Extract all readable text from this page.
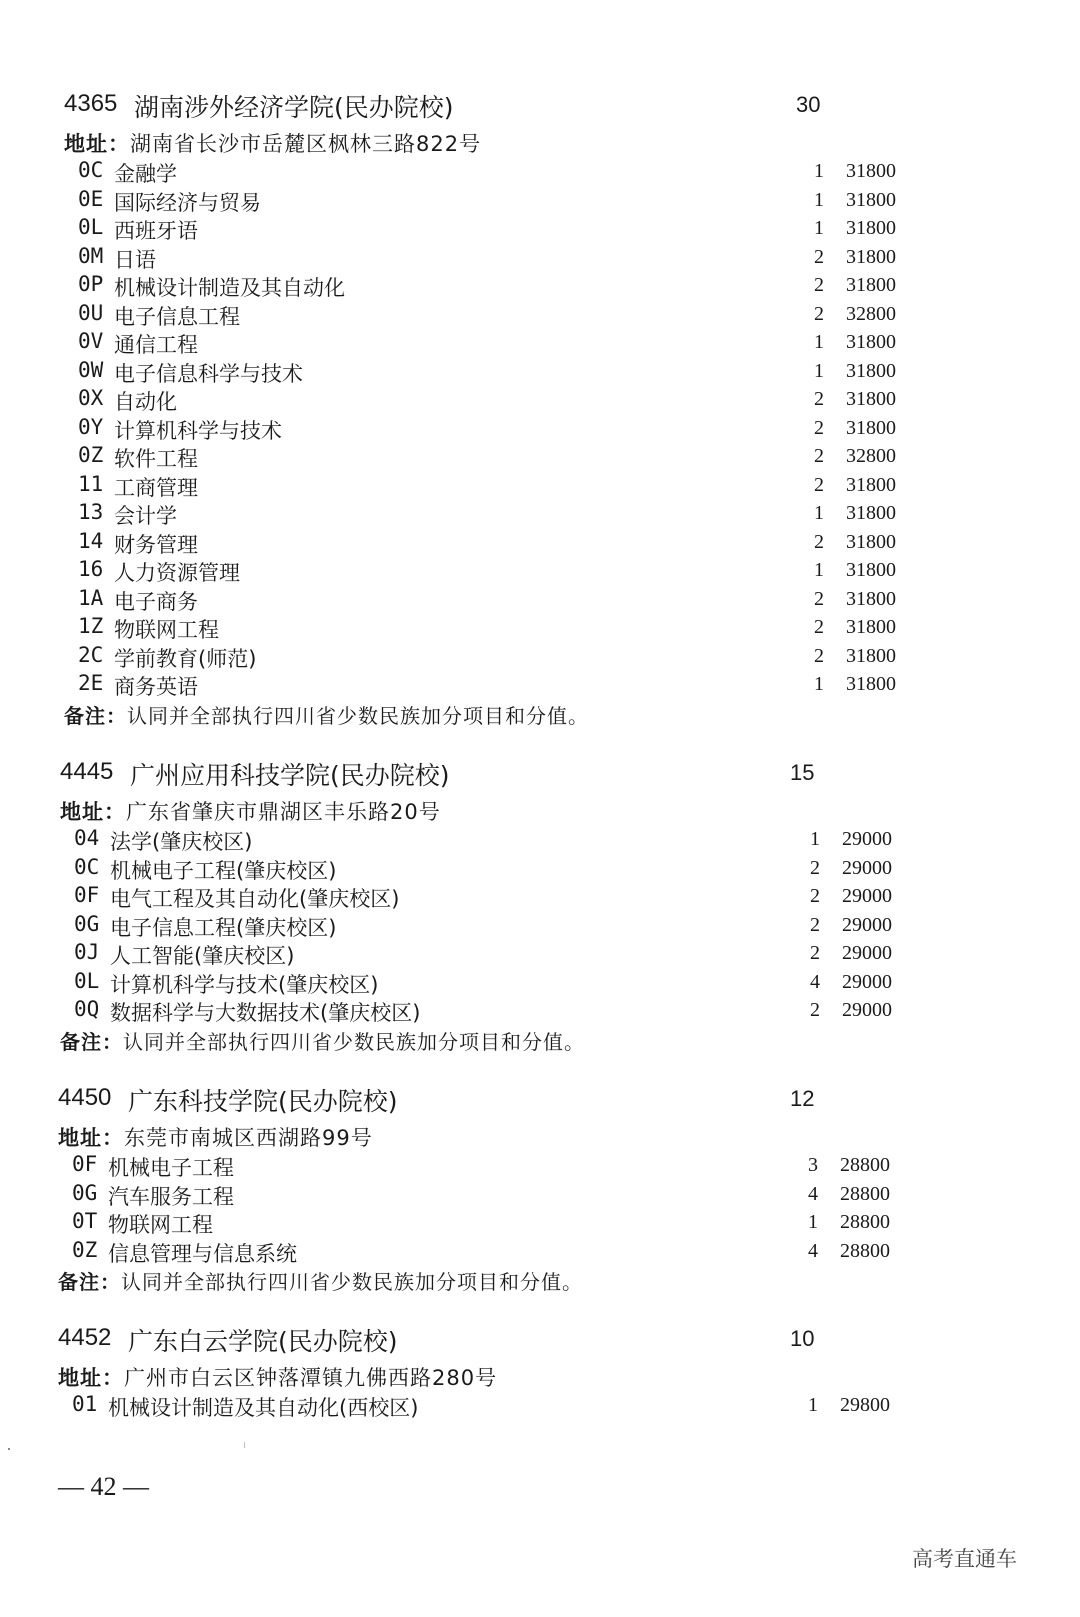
4365 湖南涉外经济学院(民办院校)	30
地址：湖南省长沙市岳麓区枫林三路822号
0C 金融学	1 31800
0E 国际经济与贸易	1 31800
0L 西班牙语	1 31800
0M 日语	2 31800
0P 机械设计制造及其自动化	2 31800
0U 电子信息工程	2 32800
0V 通信工程	1 31800
0W 电子信息科学与技术	1 31800
0X 自动化	2 31800
0Y 计算机科学与技术	2 31800
0Z 软件工程	2 32800
11 工商管理	2 31800
13 会计学	1 31800
14 财务管理	2 31800
16 人力资源管理	1 31800
1A 电子商务	2 31800
1Z 物联网工程	2 31800
2C 学前教育(师范)	2 31800
2E 商务英语	1 31800
备注：认同并全部执行四川省少数民族加分项目和分值。
4445 广州应用科技学院(民办院校)	15
地址：广东省肇庆市鼎湖区丰乐路20号
04 法学(肇庆校区)	1 29000
0C 机械电子工程(肇庆校区)	2 29000
0F 电气工程及其自动化(肇庆校区)	2 29000
0G 电子信息工程(肇庆校区)	2 29000
0J 人工智能(肇庆校区)	2 29000
0L 计算机科学与技术(肇庆校区)	4 29000
0Q 数据科学与大数据技术(肇庆校区)	2 29000
备注：认同并全部执行四川省少数民族加分项目和分值。
4450 广东科技学院(民办院校)	12
地址：东莞市南城区西湖路99号
0F 机械电子工程	3 28800
0G 汽车服务工程	4 28800
0T 物联网工程	1 28800
0Z 信息管理与信息系统	4 28800
备注：认同并全部执行四川省少数民族加分项目和分值。
4452 广东白云学院(民办院校)	10
地址：广州市白云区钟落潭镇九佛西路280号
01 机械设计制造及其自动化(西校区)	1 29800
— 42 —
高考直通车
